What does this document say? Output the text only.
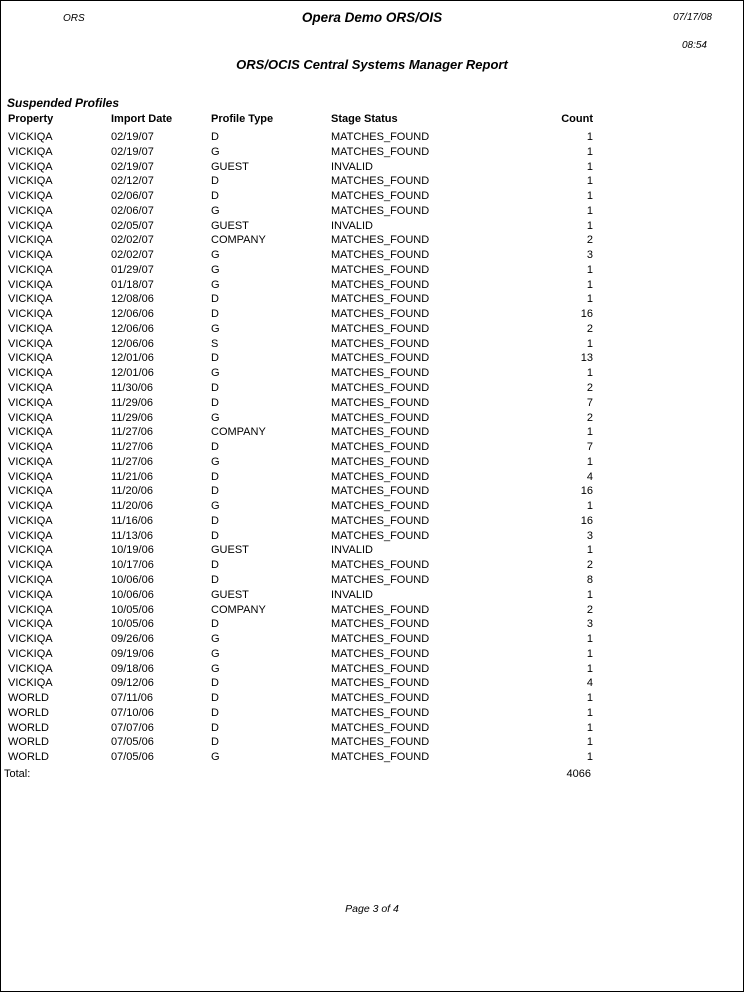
ORS	Opera Demo ORS/OIS	07/17/08
08:54
ORS/OCIS Central Systems Manager Report
Suspended Profiles
Property	Import Date	Profile Type	Stage Status	Count
VICKIQA	02/19/07	D	MATCHES_FOUND	1
VICKIQA	02/19/07	G	MATCHES_FOUND	1
VICKIQA	02/19/07	GUEST	INVALID	1
VICKIQA	02/12/07	D	MATCHES_FOUND	1
VICKIQA	02/06/07	D	MATCHES_FOUND	1
VICKIQA	02/06/07	G	MATCHES_FOUND	1
VICKIQA	02/05/07	GUEST	INVALID	1
VICKIQA	02/02/07	COMPANY	MATCHES_FOUND	2
VICKIQA	02/02/07	G	MATCHES_FOUND	3
VICKIQA	01/29/07	G	MATCHES_FOUND	1
VICKIQA	01/18/07	G	MATCHES_FOUND	1
VICKIQA	12/08/06	D	MATCHES_FOUND	1
VICKIQA	12/06/06	D	MATCHES_FOUND	16
VICKIQA	12/06/06	G	MATCHES_FOUND	2
VICKIQA	12/06/06	S	MATCHES_FOUND	1
VICKIQA	12/01/06	D	MATCHES_FOUND	13
VICKIQA	12/01/06	G	MATCHES_FOUND	1
VICKIQA	11/30/06	D	MATCHES_FOUND	2
VICKIQA	11/29/06	D	MATCHES_FOUND	7
VICKIQA	11/29/06	G	MATCHES_FOUND	2
VICKIQA	11/27/06	COMPANY	MATCHES_FOUND	1
VICKIQA	11/27/06	D	MATCHES_FOUND	7
VICKIQA	11/27/06	G	MATCHES_FOUND	1
VICKIQA	11/21/06	D	MATCHES_FOUND	4
VICKIQA	11/20/06	D	MATCHES_FOUND	16
VICKIQA	11/20/06	G	MATCHES_FOUND	1
VICKIQA	11/16/06	D	MATCHES_FOUND	16
VICKIQA	11/13/06	D	MATCHES_FOUND	3
VICKIQA	10/19/06	GUEST	INVALID	1
VICKIQA	10/17/06	D	MATCHES_FOUND	2
VICKIQA	10/06/06	D	MATCHES_FOUND	8
VICKIQA	10/06/06	GUEST	INVALID	1
VICKIQA	10/05/06	COMPANY	MATCHES_FOUND	2
VICKIQA	10/05/06	D	MATCHES_FOUND	3
VICKIQA	09/26/06	G	MATCHES_FOUND	1
VICKIQA	09/19/06	G	MATCHES_FOUND	1
VICKIQA	09/18/06	G	MATCHES_FOUND	1
VICKIQA	09/12/06	D	MATCHES_FOUND	4
WORLD	07/11/06	D	MATCHES_FOUND	1
WORLD	07/10/06	D	MATCHES_FOUND	1
WORLD	07/07/06	D	MATCHES_FOUND	1
WORLD	07/05/06	D	MATCHES_FOUND	1
WORLD	07/05/06	G	MATCHES_FOUND	1
Total:	4066
Page 3 of 4
